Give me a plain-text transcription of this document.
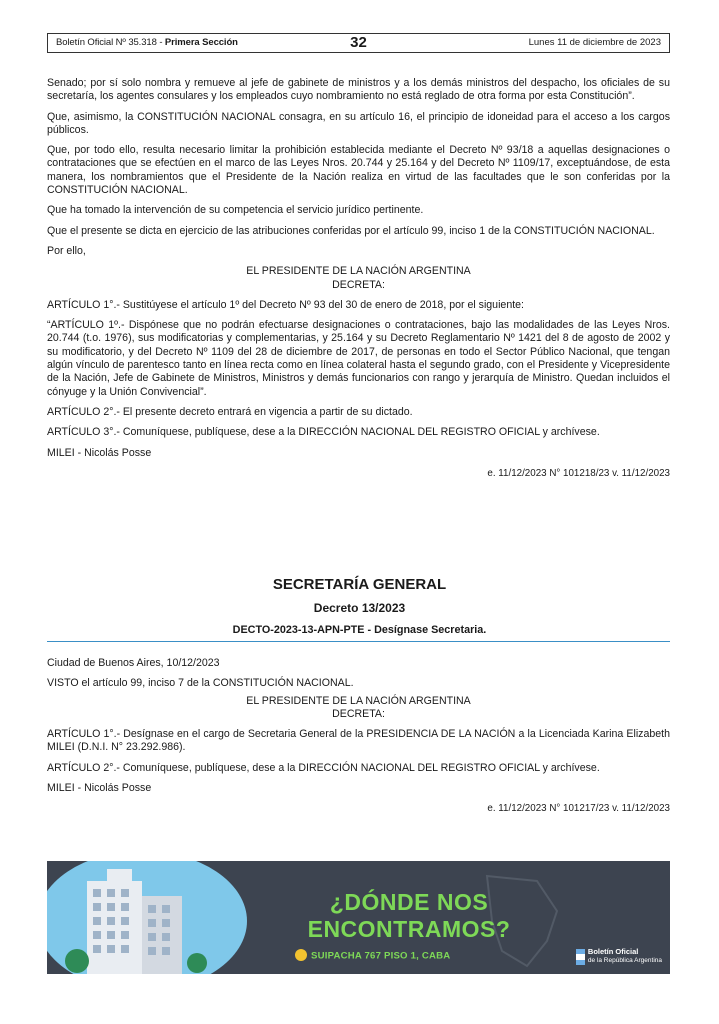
Boletín Oficial Nº 35.318 - Primera Sección	32	Lunes 11 de diciembre de 2023

Senado; por sí solo nombra y remueve al jefe de gabinete de ministros y a los demás ministros del despacho, los oficiales de su secretaría, los agentes consulares y los empleados cuyo nombramiento no está reglado de otra forma por esta Constitución”.

Que, asimismo, la CONSTITUCIÓN NACIONAL consagra, en su artículo 16, el principio de idoneidad para el acceso a los cargos públicos.

Que, por todo ello, resulta necesario limitar la prohibición establecida mediante el Decreto Nº 93/18 a aquellas designaciones o contrataciones que se efectúen en el marco de las Leyes Nros. 20.744 y 25.164 y del Decreto Nº 1109/17, exceptuándose, de esta manera, los nombramientos que el Presidente de la Nación realiza en virtud de las facultades que le son conferidas por la CONSTITUCIÓN NACIONAL.

Que ha tomado la intervención de su competencia el servicio jurídico pertinente.

Que el presente se dicta en ejercicio de las atribuciones conferidas por el artículo 99, inciso 1 de la CONSTITUCIÓN NACIONAL.

Por ello,

EL PRESIDENTE DE LA NACIÓN ARGENTINA

DECRETA:

ARTÍCULO 1°.- Sustitúyese el artículo 1º del Decreto Nº 93 del 30 de enero de 2018, por el siguiente:

“ARTÍCULO 1º.- Dispónese que no podrán efectuarse designaciones o contrataciones, bajo las modalidades de las Leyes Nros. 20.744 (t.o. 1976), sus modificatorias y complementarias, y 25.164 y su Decreto Reglamentario Nº 1421 del 8 de agosto de 2002 y su modificatorio, y del Decreto Nº 1109 del 28 de diciembre de 2017, de personas en todo el Sector Público Nacional, que tengan algún vínculo de parentesco tanto en línea recta como en línea colateral hasta el segundo grado, con el Presidente y Vicepresidente de la Nación, Jefe de Gabinete de Ministros, Ministros y demás funcionarios con rango y jerarquía de Ministro. Quedan incluidos el cónyuge y la Unión Convivencial”.

ARTÍCULO 2°.- El presente decreto entrará en vigencia a partir de su dictado.

ARTÍCULO 3°.- Comuníquese, publíquese, dese a la DIRECCIÓN NACIONAL DEL REGISTRO OFICIAL y archívese.

MILEI - Nicolás Posse

e. 11/12/2023 N° 101218/23 v. 11/12/2023

SECRETARÍA GENERAL
Decreto 13/2023
DECTO-2023-13-APN-PTE - Desígnase Secretaria.

Ciudad de Buenos Aires, 10/12/2023

VISTO el artículo 99, inciso 7 de la CONSTITUCIÓN NACIONAL.

EL PRESIDENTE DE LA NACIÓN ARGENTINA

DECRETA:

ARTÍCULO 1°.- Desígnase en el cargo de Secretaria General de la PRESIDENCIA DE LA NACIÓN a la Licenciada Karina Elizabeth MILEI (D.N.I. N° 23.292.986).

ARTÍCULO 2°.- Comuníquese, publíquese, dese a la DIRECCIÓN NACIONAL DEL REGISTRO OFICIAL y archívese.

MILEI - Nicolás Posse

e. 11/12/2023 N° 101217/23 v. 11/12/2023

¿DÓNDE NOS
ENCONTRAMOS?
SUIPACHA 767 PISO 1, CABA	Boletín Oficial
de la República Argentina
